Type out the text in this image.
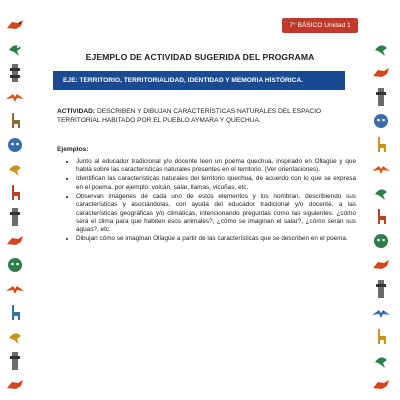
7° BÁSICO Unidad 1
EJEMPLO DE ACTIVIDAD SUGERIDA DEL PROGRAMA
EJE: TERRITORIO, TERRITORIALIDAD, IDENTIDAD Y MEMORIA HISTÓRICA.
ACTIVIDAD: DESCRIBEN Y DIBUJAN CARACTERÍSTICAS NATURALES DEL ESPACIO TERRITORIAL HABITADO POR EL PUEBLO AYMARA Y QUECHUA.
Ejemplos:
• Junto al educador tradicional y/o docente leen un poema quechua, inspirado en Ollagüe y que habla sobre las características naturales presentes en el territorio. (Ver orientaciones).
• Identifican las características naturales del territorio quechua, de acuerdo con lo que se expresa en el poema, por ejemplo: volcán, salar, llamas, vicuñas, etc.
• Observan imágenes de cada uno de estos elementos y los nombran, describiendo sus características y asociándolas, con ayuda del educador tradicional y/o docente, a las características geográficas y/o climáticas, intencionando preguntas como las siguientes: ¿cómo será el clima para que habiten esos animales?, ¿cómo se imaginan el salar?, ¿cómo serán sus aguas?, etc.
• Dibujan cómo se imaginan Ollagüe a partir de las características que se describen en el poema.
